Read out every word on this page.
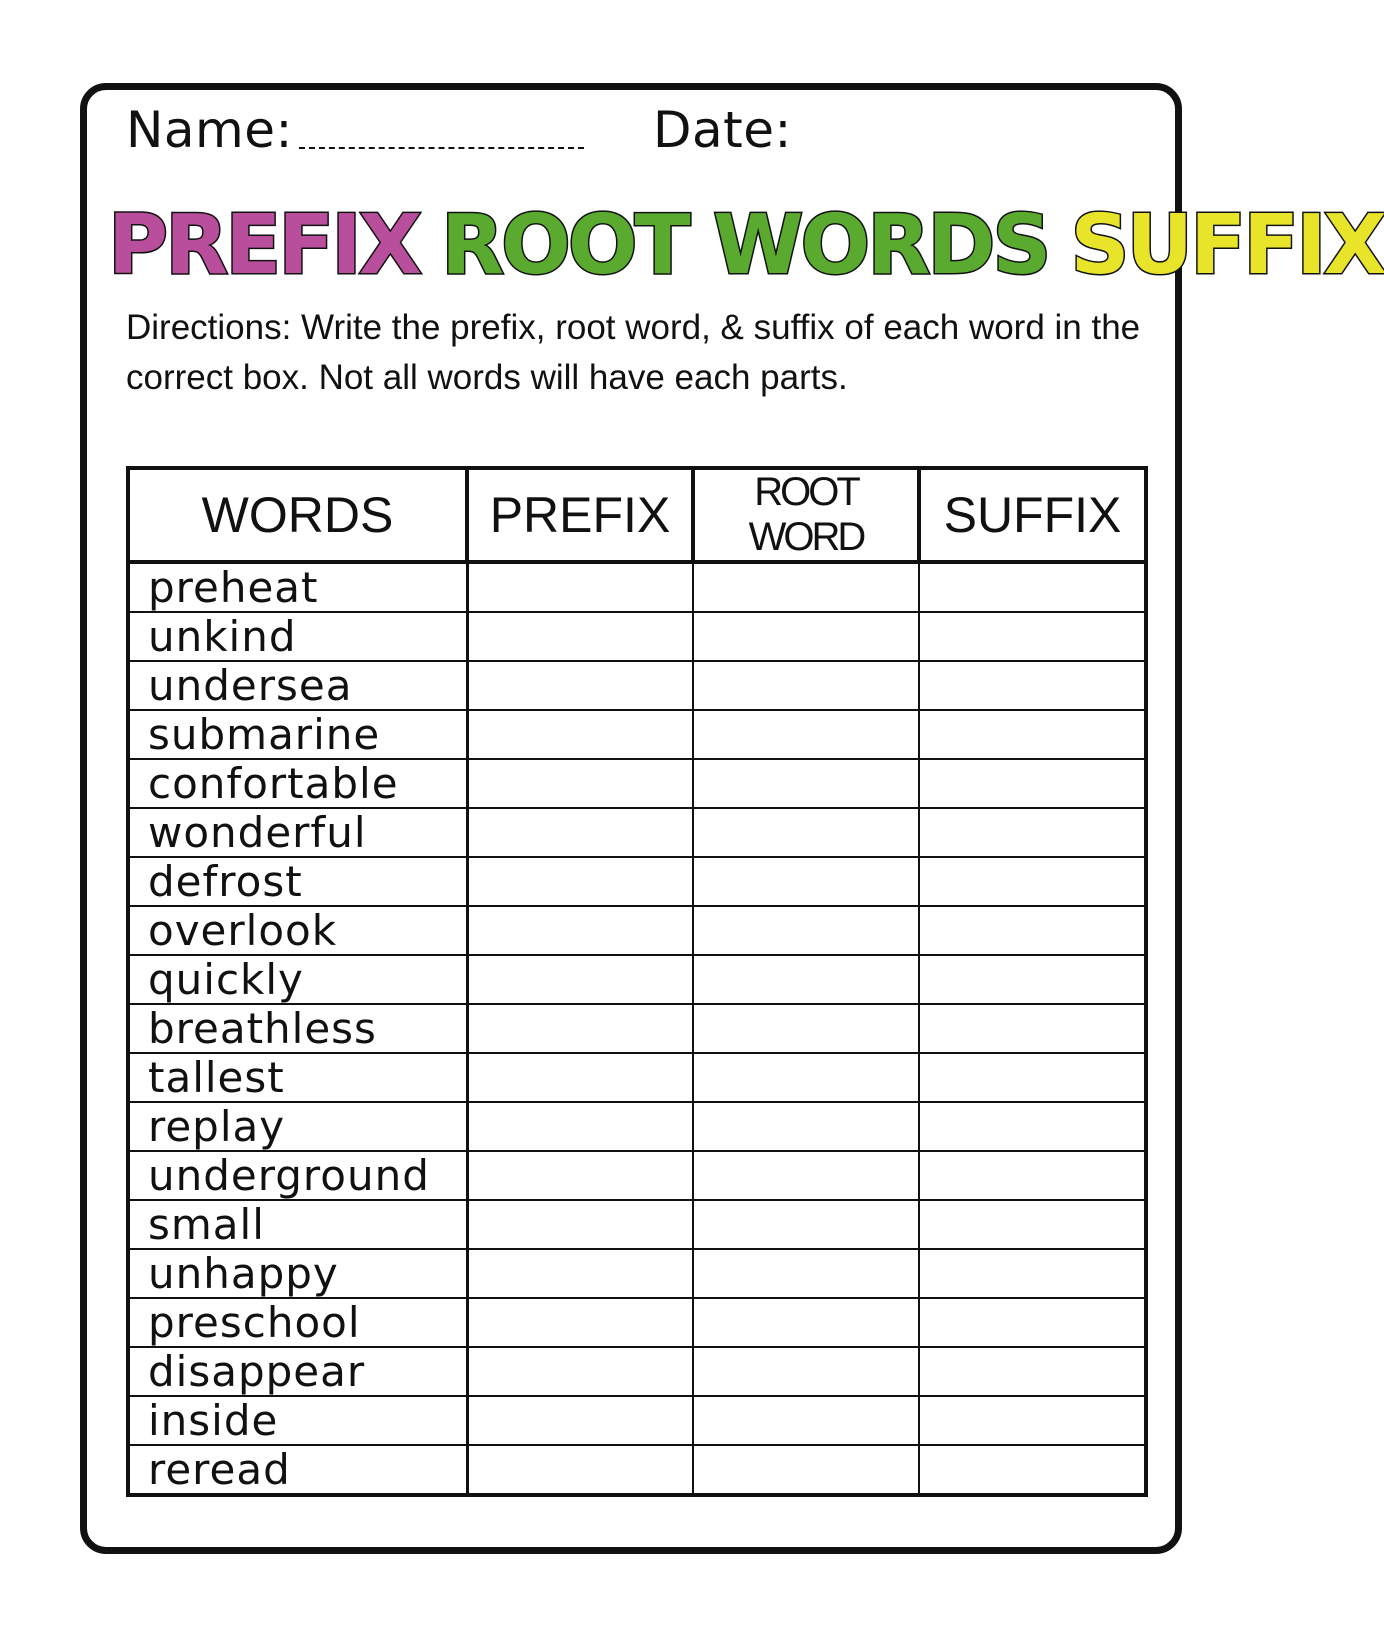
Name:	Date:
PREFIX ROOT WORDS SUFFIX

Directions: Write the prefix, root word, & suffix of each word in the correct box. Not all words will have each parts.

WORDS	PREFIX	ROOT WORD	SUFFIX
preheat			
unkind			
undersea			
submarine			
confortable			
wonderful			
defrost			
overlook			
quickly			
breathless			
tallest			
replay			
underground			
small			
unhappy			
preschool			
disappear			
inside			
reread			
